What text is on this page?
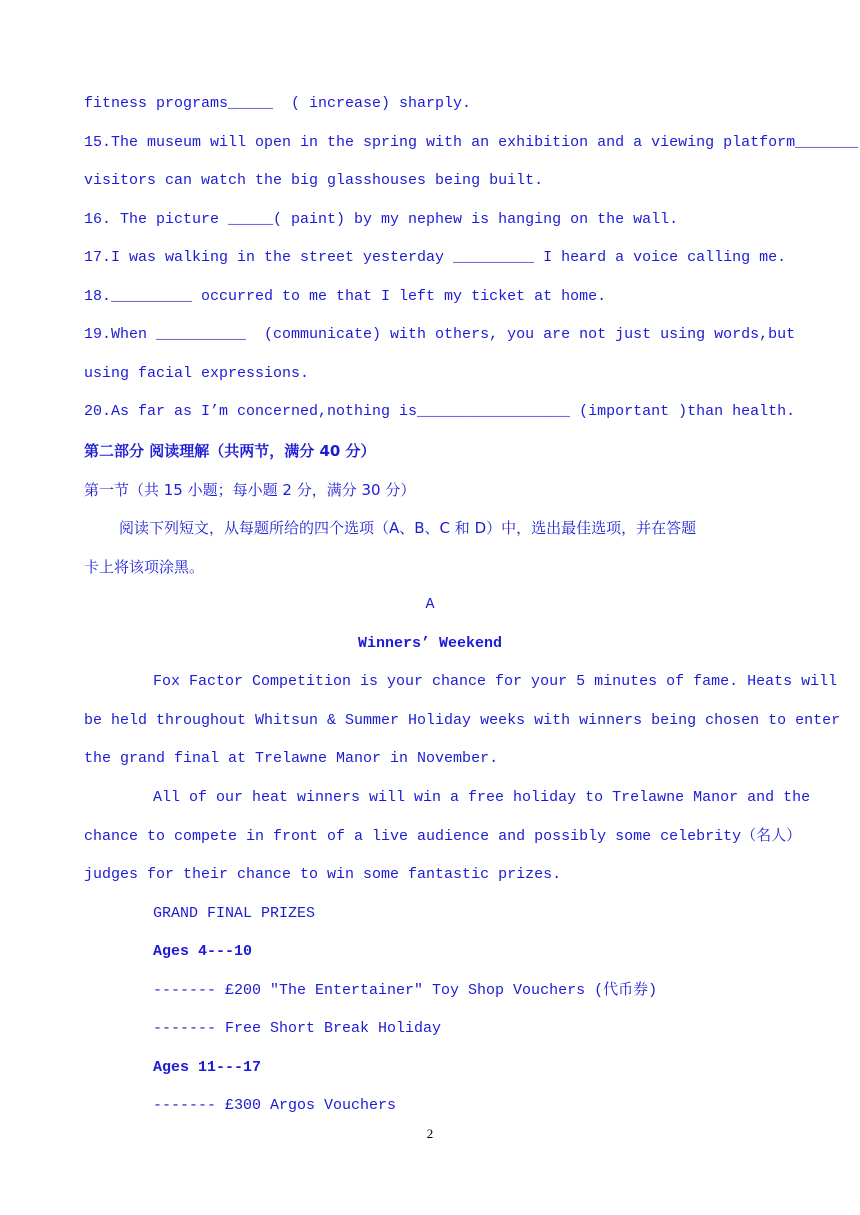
fitness programs_____  ( increase) sharply.
15.The museum will open in the spring with an exhibition and a viewing platform_______
visitors can watch the big glasshouses being built.
16. The picture _____( paint) by my nephew is hanging on the wall.
17.I was walking in the street yesterday _________ I heard a voice calling me.
18._________ occurred to me that I left my ticket at home.
19.When __________  (communicate) with others, you are not just using words,but
using facial expressions.
20.As far as I’m concerned,nothing is_________________ (important )than health.
第二部分 阅读理解（共两节，满分 40 分）
第一节（共 15 小题；每小题 2 分，满分 30 分）
阅读下列短文，从每题所给的四个选项（A、B、C 和 D）中，选出最佳选项，并在答题
卡上将该项涂黑。
A
Winners’ Weekend
Fox Factor Competition is your chance for your 5 minutes of fame. Heats will
be held throughout Whitsun & Summer Holiday weeks with winners being chosen to enter
the grand final at Trelawne Manor in November.
All of our heat winners will win a free holiday to Trelawne Manor and the
chance to compete in front of a live audience and possibly some celebrity（名人）
judges for their chance to win some fantastic prizes.
GRAND FINAL PRIZES
Ages 4---10
------- £200 "The Entertainer" Toy Shop Vouchers (代币券)
------- Free Short Break Holiday
Ages 11---17
------- £300 Argos Vouchers
2
